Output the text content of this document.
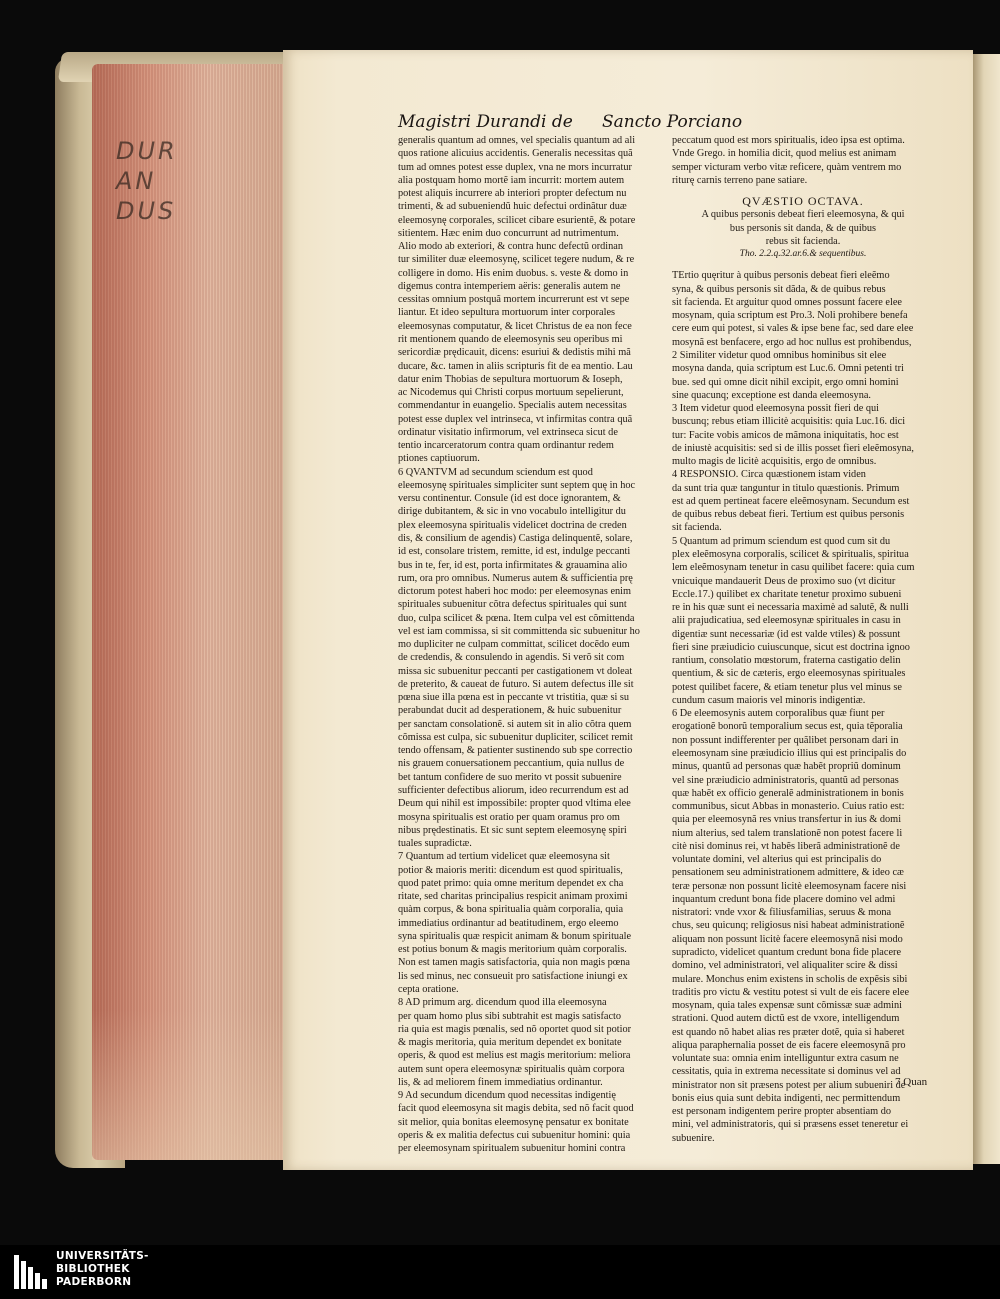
DUR AN DUS
Magistri Durandi de Sancto Porciano
generalis quantum ad omnes, vel specialis quantum ad ali
quos ratione alicuius accidentis. Generalis necessitas quã
tum ad omnes potest esse duplex, vna ne mors incurratur
alia postquam homo mortẽ iam incurrit: mortem autem
potest aliquis incurrere ab interiori propter defectum nu
trimenti, & ad subueniendũ huic defectui ordinãtur duæ
eleemosynę corporales, scilicet cibare esurientẽ, & potare
sitientem. Hæc enim duo concurrunt ad nutrimentum.
Alio modo ab exteriori, & contra hunc defectũ ordinan
tur similiter duæ eleemosynę, scilicet tegere nudum, & re
colligere in domo. His enim duobus. s. veste & domo in
digemus contra intemperiem aëris: generalis autem ne
cessitas omnium postquã mortem incurrerunt est vt sepe
liantur. Et ideo sepultura mortuorum inter corporales
eleemosynas computatur, & licet Christus de ea non fece
rit mentionem quando de eleemosynis seu operibus mi
sericordiæ prędicauit, dicens: esuriui & dedistis mihi mã
ducare, &c. tamen in aliis scripturis fit de ea mentio. Lau
datur enim Thobias de sepultura mortuorum & Ioseph,
ac Nicodemus qui Christi corpus mortuum sepelierunt,
commendantur in euangelio. Specialis autem necessitas
potest esse duplex vel intrinseca, vt infirmitas contra quã
ordinatur visitatio infirmorum, vel extrinseca sicut de
tentio incarceratorum contra quam ordinantur redem
ptiones captiuorum.
6 QVANTVM ad secundum sciendum est quod
eleemosynę spirituales simpliciter sunt septem quę in hoc
versu continentur. Consule (id est doce ignorantem, &
dirige dubitantem, & sic in vno vocabulo intelligitur du
plex eleemosyna spiritualis videlicet doctrina de creden
dis, & consilium de agendis) Castiga delinquentẽ, solare,
id est, consolare tristem, remitte, id est, indulge peccanti
bus in te, fer, id est, porta infirmitates & grauamina alio
rum, ora pro omnibus. Numerus autem & sufficientia prę
dictorum potest haberi hoc modo: per eleemosynas enim
spirituales subuenitur cõtra defectus spirituales qui sunt
duo, culpa scilicet & pœna. Item culpa vel est cõmittenda
vel est iam commissa, si sit committenda sic subuenitur ho
mo dupliciter ne culpam committat, scilicet docẽdo eum
de credendis, & consulendo in agendis. Si verõ sit com
missa sic subuenitur peccanti per castigationem vt doleat
de preterito, & caueat de futuro. Si autem defectus ille sit
pœna siue illa pœna est in peccante vt tristitia, quæ si su
perabundat ducit ad desperationem, & huic subuenitur
per sanctam consolationẽ. si autem sit in alio cõtra quem
cõmissa est culpa, sic subuenitur dupliciter, scilicet remit
tendo offensam, & patienter sustinendo sub spe correctio
nis grauem conuersationem peccantium, quia nullus de
bet tantum confidere de suo merito vt possit subuenire
sufficienter defectibus aliorum, ideo recurrendum est ad
Deum qui nihil est impossibile: propter quod vltima elee
mosyna spiritualis est oratio per quam oramus pro om
nibus prędestinatis. Et sic sunt septem eleemosynę spiri
tuales supradictæ.
7 Quantum ad tertium videlicet quæ eleemosyna sit
potior & maioris meriti: dicendum est quod spiritualis,
quod patet primo: quia omne meritum dependet ex cha
ritate, sed charitas principalius respicit animam proximi
quàm corpus, & bona spiritualia quàm corporalia, quia
immediatius ordinantur ad beatitudinem, ergo eleemo
syna spiritualis quæ respicit animam & bonum spirituale
est potius bonum & magis meritorium quàm corporalis.
Non est tamen magis satisfactoria, quia non magis pœna
lis sed minus, nec consueuit pro satisfactione iniungi ex
cepta oratione.
8 AD primum arg. dicendum quod illa eleemosyna
per quam homo plus sibi subtrahit est magis satisfacto
ria quia est magis pœnalis, sed nõ oportet quod sit potior
& magis meritoria, quia meritum dependet ex bonitate
operis, & quod est melius est magis meritorium: meliora
autem sunt opera eleemosynæ spiritualis quàm corpora
lis, & ad meliorem finem immediatius ordinantur.
9 Ad secundum dicendum quod necessitas indigentię
facit quod eleemosyna sit magis debita, sed nõ facit quod
sit melior, quia bonitas eleemosynę pensatur ex bonitate
operis & ex malitia defectus cui subuenitur homini: quia
per eleemosynam spiritualem subuenitur homini contra
peccatum quod est mors spiritualis, ideo ipsa est optima.
Vnde Grego. in homilia dicit, quod melius est animam
semper victuram verbo vitæ reficere, quàm ventrem mo
riturę carnis terreno pane satiare.
QVÆSTIO OCTAVA.
A quibus personis debeat fieri eleemosyna, & qui
bus personis sit danda, & de quibus
rebus sit facienda.
Tho. 2.2.q.32.ar.6.& sequentibus.
TErtio quęritur à quibus personis debeat fieri eleẽmo
syna, & quibus personis sit dãda, & de quibus rebus
sit facienda. Et arguitur quod omnes possunt facere elee
mosynam, quia scriptum est Pro.3. Noli prohibere benefa
cere eum qui potest, si vales & ipse bene fac, sed dare elee
mosynã est benfacere, ergo ad hoc nullus est prohibendus,
2 Similiter videtur quod omnibus hominibus sit elee
mosyna danda, quia scriptum est Luc.6. Omni petenti tri
bue. sed qui omne dicit nihil excipit, ergo omni homini
sine quacunq; exceptione est danda eleemosyna.
3 Item videtur quod eleemosyna possit fieri de qui
buscunq; rebus etiam illicitè acquisitis: quia Luc.16. dici
tur: Facite vobis amicos de mãmona iniquitatis, hoc est
de iniustè acquisitis: sed si de illis posset fieri eleẽmosyna,
multo magis de licitè acquisitis, ergo de omnibus.
4 RESPONSIO. Circa quæstionem istam viden
da sunt tria quæ tanguntur in titulo quæstionis. Primum
est ad quem pertineat facere eleẽmosynam. Secundum est
de quibus rebus debeat fieri. Tertium est quibus personis
sit facienda.
5 Quantum ad primum sciendum est quod cum sit du
plex eleẽmosyna corporalis, scilicet & spiritualis, spiritua
lem eleẽmosynam tenetur in casu quilibet facere: quia cum
vnicuique mandauerit Deus de proximo suo (vt dicitur
Eccle.17.) quilibet ex charitate tenetur proximo subueni
re in his quæ sunt ei necessaria maximè ad salutẽ, & nulli
alii prajudicatiua, sed eleemosynæ spirituales in casu in
digentiæ sunt necessariæ (id est valde vtiles) & possunt
fieri sine præiudicio cuiuscunque, sicut est doctrina ignoo
rantium, consolatio mœstorum, fraterna castigatio delin
quentium, & sic de cæteris, ergo eleemosynas spirituales
potest quilibet facere, & etiam tenetur plus vel minus se
cundum casum maioris vel minoris indigentiæ.
6 De eleemosynis autem corporalibus quæ fiunt per
erogationẽ bonorũ temporalium secus est, quia tẽporalia
non possunt indifferenter per quãlibet personam dari in
eleemosynam sine præiudicio illius qui est principalis do
minus, quantũ ad personas quæ habẽt propriũ dominum
vel sine præiudicio administratoris, quantũ ad personas
quæ habẽt ex officio generalẽ administrationem in bonis
communibus, sicut Abbas in monasterio. Cuius ratio est:
quia per eleemosynã res vnius transfertur in ius & domi
nium alterius, sed talem translationẽ non potest facere li
citè nisi dominus rei, vt habẽs liberã administrationẽ de
voluntate domini, vel alterius qui est principalis do
pensationem seu administrationem admittere, & ideo cæ
teræ personæ non possunt licitè eleemosynam facere nisi
inquantum credunt bona fide placere domino vel admi
nistratori: vnde vxor & filiusfamilias, seruus & mona
chus, seu quicunq; religiosus nisi habeat administrationẽ
aliquam non possunt licitè facere eleemosynã nisi modo
supradicto, videlicet quantum credunt bona fide placere
domino, vel administratori, vel aliqualiter scire & dissi
mulare. Monchus enim existens in scholis de expẽsis sibi
traditis pro victu & vestitu potest si vult de eis facere elee
mosynam, quia tales expensæ sunt cõmissæ suæ admini
strationi. Quod autem dictũ est de vxore, intelligendum
est quando nõ habet alias res præter dotẽ, quia si haberet
aliqua paraphernalia posset de eis facere eleemosynã pro
voluntate sua: omnia enim intelliguntur extra casum ne
cessitatis, quia in extrema necessitate si dominus vel ad
ministrator non sit præsens potest per alium subueniri de
bonis eius quia sunt debita indigenti, nec permittendum
est personam indigentem perire propter absentiam do
mini, vel administratoris, qui si præsens esset teneretur ei
subuenire.
7 Quan
UNIVERSITÄTS-
BIBLIOTHEK
PADERBORN
